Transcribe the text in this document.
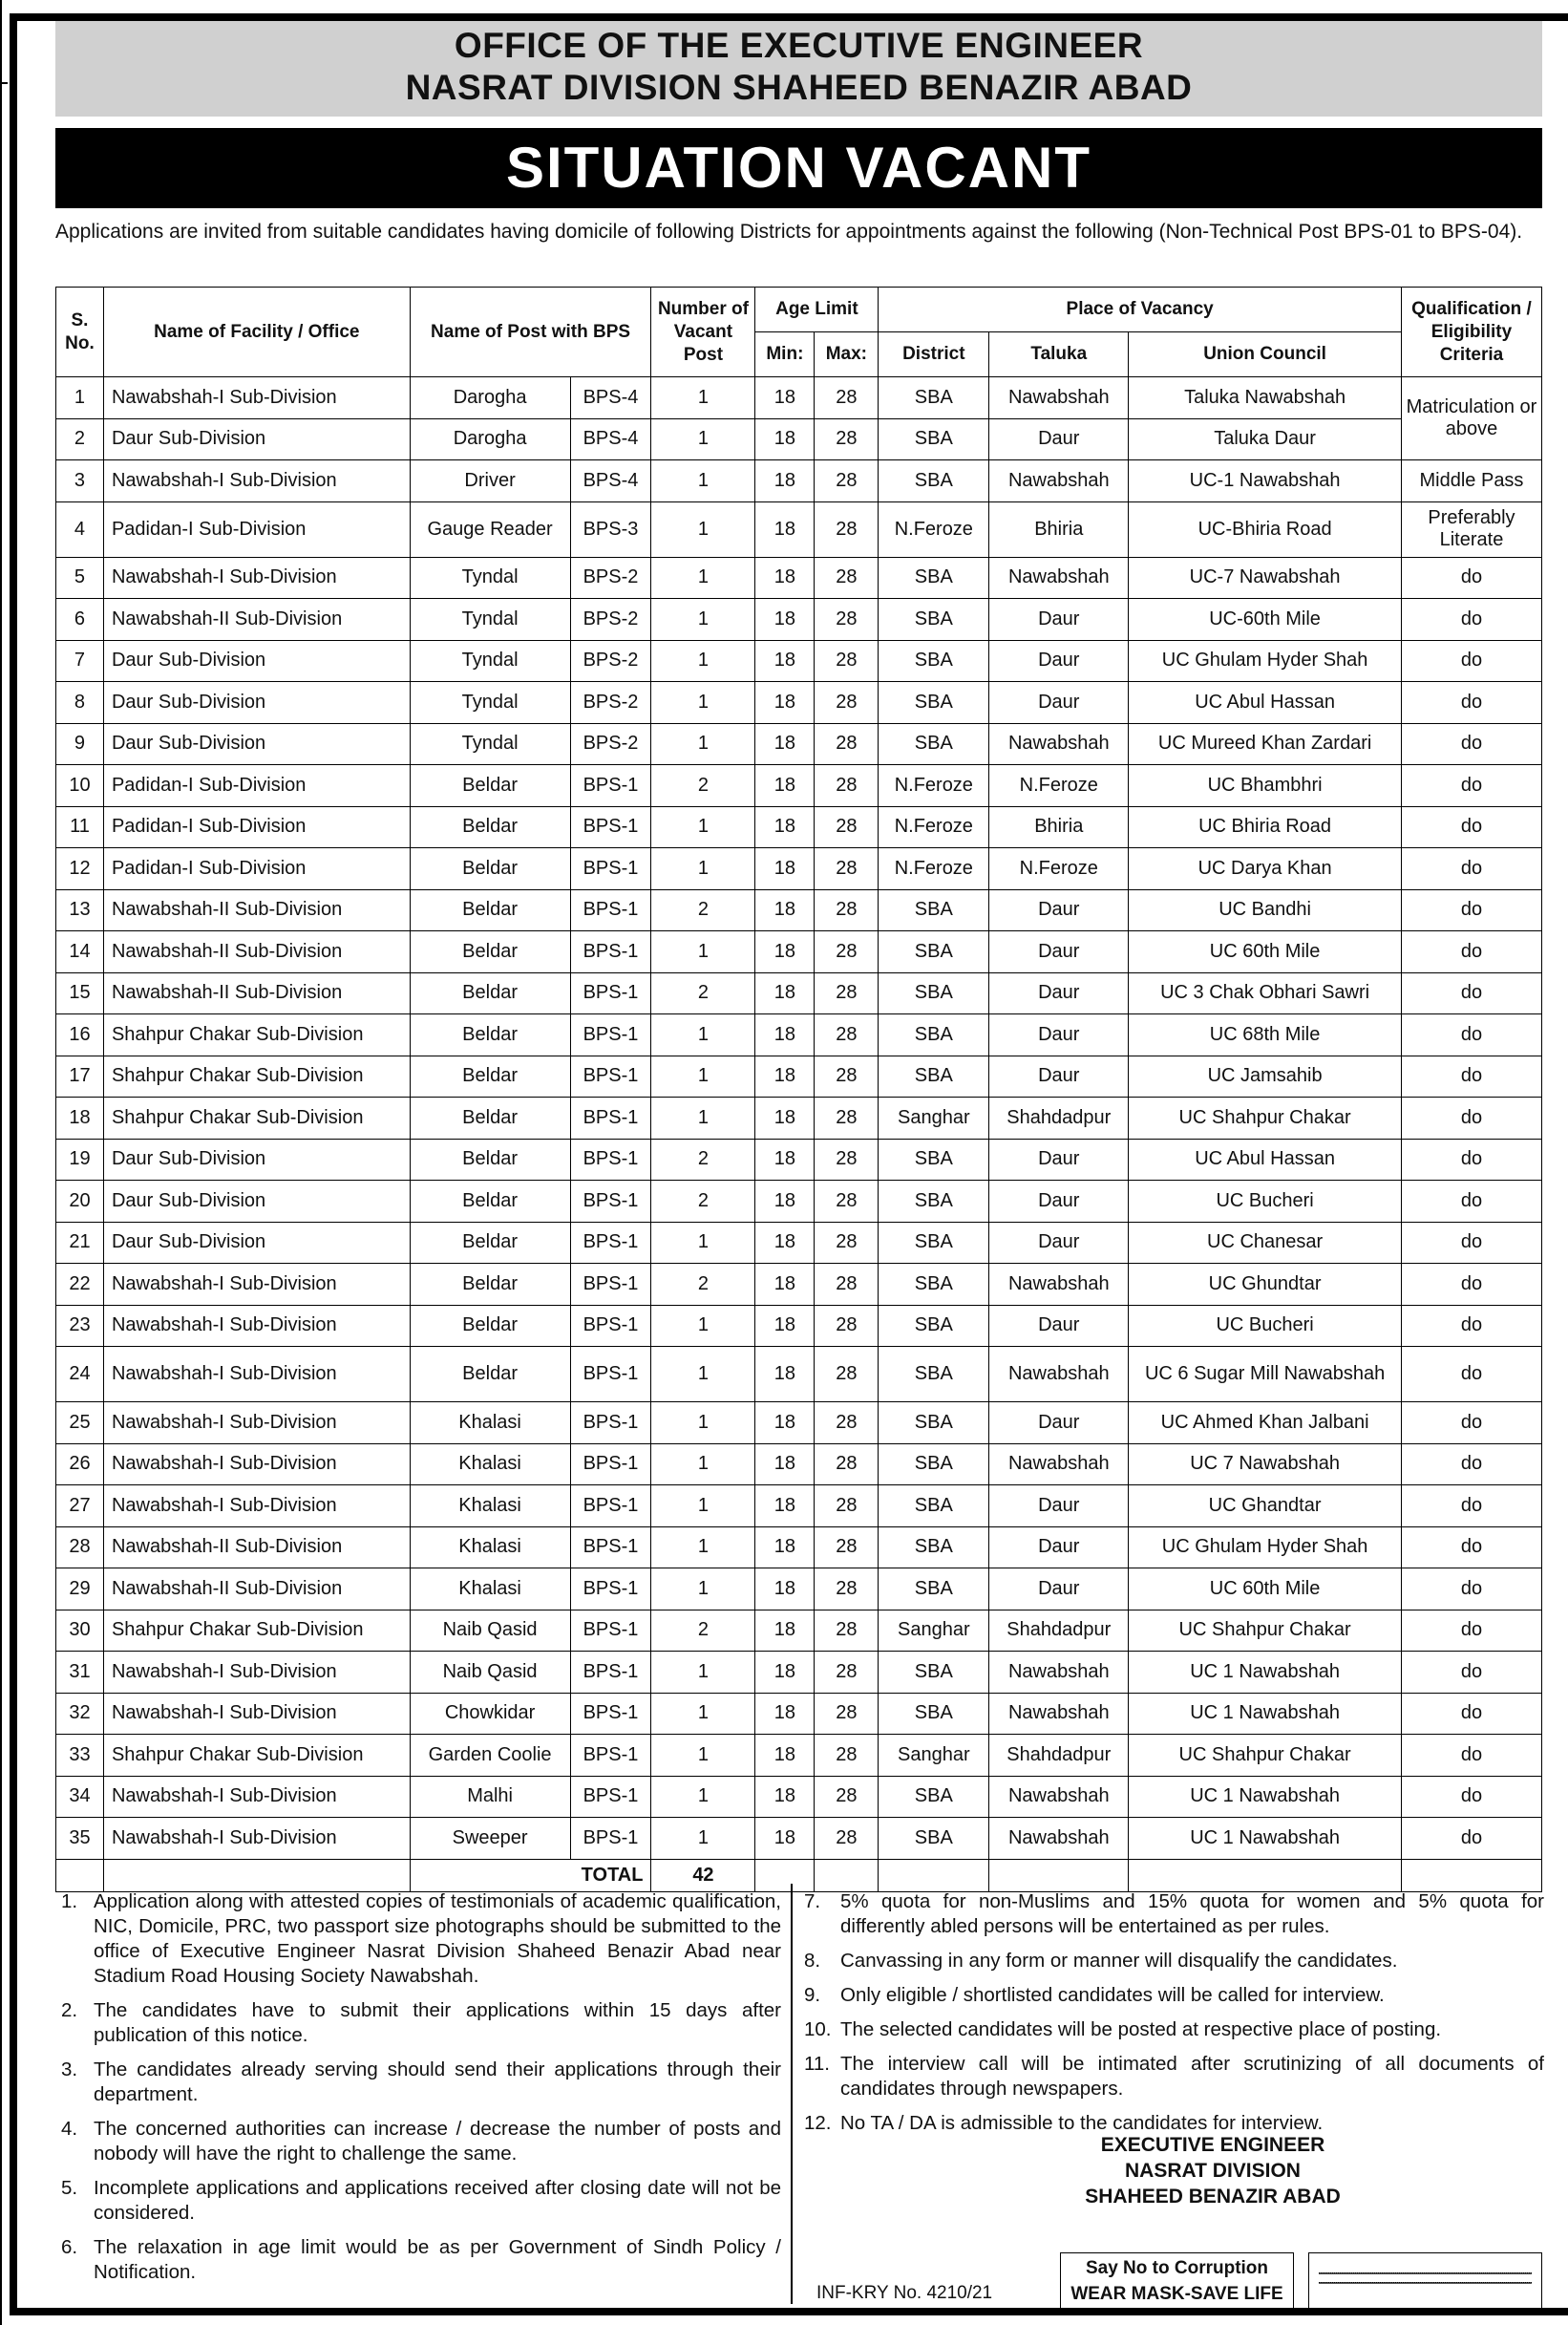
OFFICE OF THE EXECUTIVE ENGINEER
NASRAT DIVISION SHAHEED BENAZIR ABAD
SITUATION VACANT
Applications are invited from suitable candidates having domicile of following Districts for appointments against the following (Non-Technical Post BPS-01 to BPS-04).
S. No.	Name of Facility / Office	Name of Post with BPS		Number of Vacant Post	Age Limit		Place of Vacancy			Qualification / Eligibility Criteria
					Min:	Max:	District	Taluka	Union Council	
1	Nawabshah-I Sub-Division	Darogha	BPS-4	1	18	28	SBA	Nawabshah	Taluka Nawabshah	Matriculation or above
2	Daur Sub-Division	Darogha	BPS-4	1	18	28	SBA	Daur	Taluka Daur	
3	Nawabshah-I Sub-Division	Driver	BPS-4	1	18	28	SBA	Nawabshah	UC-1 Nawabshah	Middle Pass
4	Padidan-I Sub-Division	Gauge Reader	BPS-3	1	18	28	N.Feroze	Bhiria	UC-Bhiria Road	Preferably Literate
5	Nawabshah-I Sub-Division	Tyndal	BPS-2	1	18	28	SBA	Nawabshah	UC-7 Nawabshah	do
6	Nawabshah-II Sub-Division	Tyndal	BPS-2	1	18	28	SBA	Daur	UC-60th Mile	do
7	Daur Sub-Division	Tyndal	BPS-2	1	18	28	SBA	Daur	UC Ghulam Hyder Shah	do
8	Daur Sub-Division	Tyndal	BPS-2	1	18	28	SBA	Daur	UC Abul Hassan	do
9	Daur Sub-Division	Tyndal	BPS-2	1	18	28	SBA	Nawabshah	UC Mureed Khan Zardari	do
10	Padidan-I Sub-Division	Beldar	BPS-1	2	18	28	N.Feroze	N.Feroze	UC Bhambhri	do
11	Padidan-I Sub-Division	Beldar	BPS-1	1	18	28	N.Feroze	Bhiria	UC Bhiria Road	do
12	Padidan-I Sub-Division	Beldar	BPS-1	1	18	28	N.Feroze	N.Feroze	UC Darya Khan	do
13	Nawabshah-II Sub-Division	Beldar	BPS-1	2	18	28	SBA	Daur	UC Bandhi	do
14	Nawabshah-II Sub-Division	Beldar	BPS-1	1	18	28	SBA	Daur	UC 60th Mile	do
15	Nawabshah-II Sub-Division	Beldar	BPS-1	2	18	28	SBA	Daur	UC 3 Chak Obhari Sawri	do
16	Shahpur Chakar Sub-Division	Beldar	BPS-1	1	18	28	SBA	Daur	UC 68th Mile	do
17	Shahpur Chakar Sub-Division	Beldar	BPS-1	1	18	28	SBA	Daur	UC Jamsahib	do
18	Shahpur Chakar Sub-Division	Beldar	BPS-1	1	18	28	Sanghar	Shahdadpur	UC Shahpur Chakar	do
19	Daur Sub-Division	Beldar	BPS-1	2	18	28	SBA	Daur	UC Abul Hassan	do
20	Daur Sub-Division	Beldar	BPS-1	2	18	28	SBA	Daur	UC Bucheri	do
21	Daur Sub-Division	Beldar	BPS-1	1	18	28	SBA	Daur	UC Chanesar	do
22	Nawabshah-I Sub-Division	Beldar	BPS-1	2	18	28	SBA	Nawabshah	UC Ghundtar	do
23	Nawabshah-I Sub-Division	Beldar	BPS-1	1	18	28	SBA	Daur	UC Bucheri	do
24	Nawabshah-I Sub-Division	Beldar	BPS-1	1	18	28	SBA	Nawabshah	UC 6 Sugar Mill Nawabshah	do
25	Nawabshah-I Sub-Division	Khalasi	BPS-1	1	18	28	SBA	Daur	UC Ahmed Khan Jalbani	do
26	Nawabshah-I Sub-Division	Khalasi	BPS-1	1	18	28	SBA	Nawabshah	UC 7 Nawabshah	do
27	Nawabshah-I Sub-Division	Khalasi	BPS-1	1	18	28	SBA	Daur	UC Ghandtar	do
28	Nawabshah-II Sub-Division	Khalasi	BPS-1	1	18	28	SBA	Daur	UC Ghulam Hyder Shah	do
29	Nawabshah-II Sub-Division	Khalasi	BPS-1	1	18	28	SBA	Daur	UC 60th Mile	do
30	Shahpur Chakar Sub-Division	Naib Qasid	BPS-1	2	18	28	Sanghar	Shahdadpur	UC Shahpur Chakar	do
31	Nawabshah-I Sub-Division	Naib Qasid	BPS-1	1	18	28	SBA	Nawabshah	UC 1 Nawabshah	do
32	Nawabshah-I Sub-Division	Chowkidar	BPS-1	1	18	28	SBA	Nawabshah	UC 1 Nawabshah	do
33	Shahpur Chakar Sub-Division	Garden Coolie	BPS-1	1	18	28	Sanghar	Shahdadpur	UC Shahpur Chakar	do
34	Nawabshah-I Sub-Division	Malhi	BPS-1	1	18	28	SBA	Nawabshah	UC 1 Nawabshah	do
35	Nawabshah-I Sub-Division	Sweeper	BPS-1	1	18	28	SBA	Nawabshah	UC 1 Nawabshah	do
		TOTAL		42						
1. Application along with attested copies of testimonials of academic qualification, NIC, Domicile, PRC, two passport size photographs should be submitted to the office of Executive Engineer Nasrat Division Shaheed Benazir Abad near Stadium Road Housing Society Nawabshah.
2. The candidates have to submit their applications within 15 days after publication of this notice.
3. The candidates already serving should send their applications through their department.
4. The concerned authorities can increase / decrease the number of posts and nobody will have the right to challenge the same.
5. Incomplete applications and applications received after closing date will not be considered.
6. The relaxation in age limit would be as per Government of Sindh Policy / Notification.
7.	5% quota for non-Muslims and 15% quota for women and 5% quota for differently abled persons will be entertained as per rules.
8.	Canvassing in any form or manner will disqualify the candidates.
9.	Only eligible / shortlisted candidates will be called for interview.
10. The selected candidates will be posted at respective place of posting.
11. The interview call will be intimated after scrutinizing of all documents of candidates through newspapers.
12. No TA / DA is admissible to the candidates for interview.
EXECUTIVE ENGINEER
NASRAT DIVISION
SHAHEED BENAZIR ABAD
INF-KRY No. 4210/21
Say No to Corruption
WEAR MASK-SAVE LIFE
